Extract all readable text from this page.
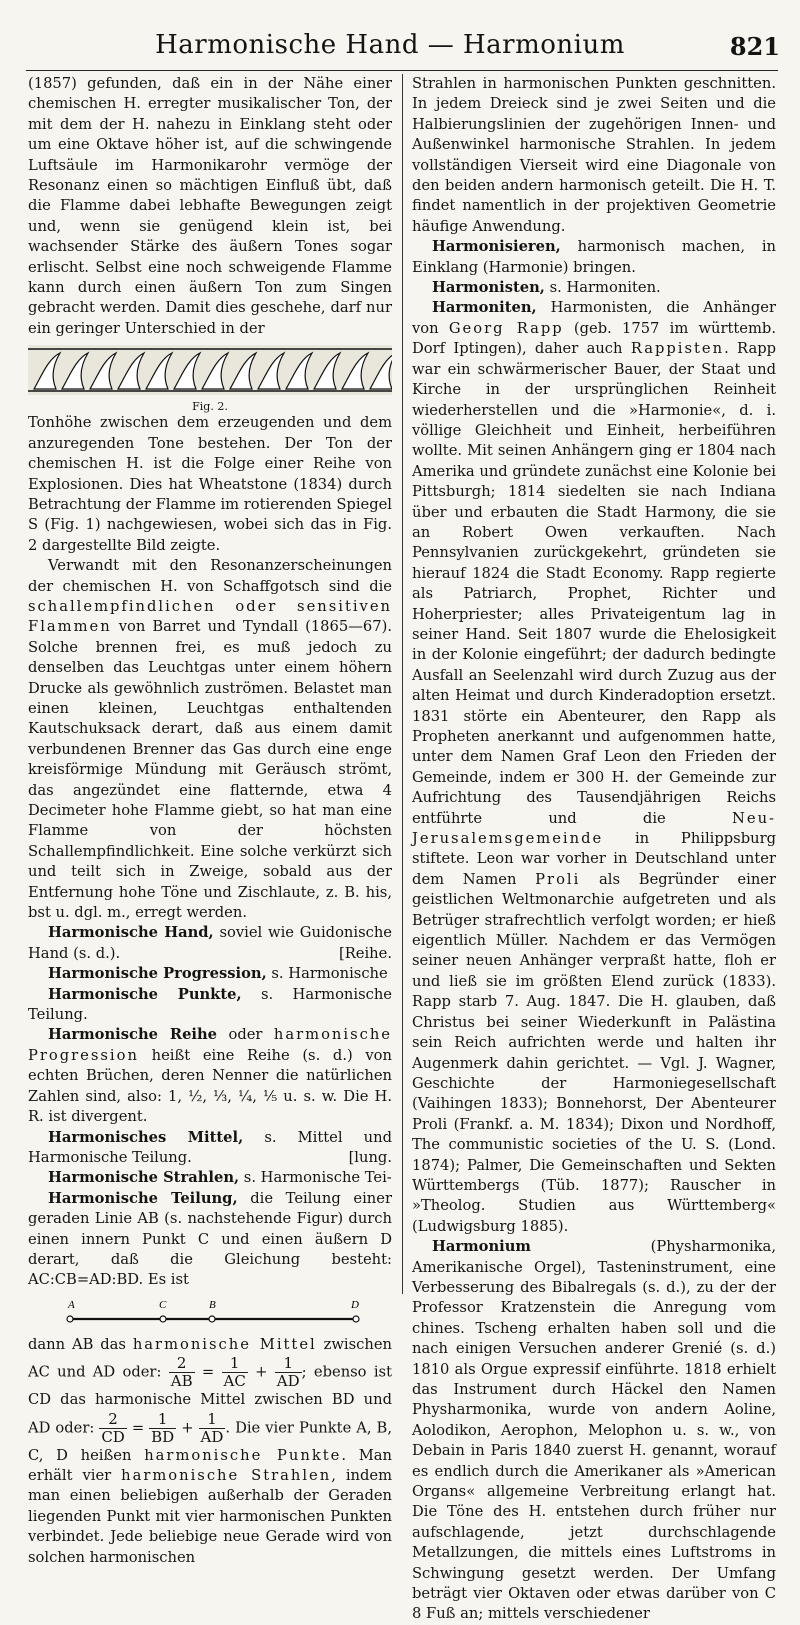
Harmonische Hand — Harmonium	821

(1857) gefunden, daß ein in der Nähe einer chemischen H. erregter musikalischer Ton, der mit dem der H. nahezu in Einklang steht oder um eine Oktave höher ist, auf die schwingende Luftsäule im Harmonikarohr vermöge der Resonanz einen so mächtigen Einfluß übt, daß die Flamme dabei lebhafte Bewegungen zeigt und, wenn sie genügend klein ist, bei wachsender Stärke des äußern Tones sogar erlischt. Selbst eine noch schweigende Flamme kann durch einen äußern Ton zum Singen gebracht werden. Damit dies geschehe, darf nur ein geringer Unterschied in der

Fig. 2.

Tonhöhe zwischen dem erzeugenden und dem anzuregenden Tone bestehen. Der Ton der chemischen H. ist die Folge einer Reihe von Explosionen. Dies hat Wheatstone (1834) durch Betrachtung der Flamme im rotierenden Spiegel S (Fig. 1) nachgewiesen, wobei sich das in Fig. 2 dargestellte Bild zeigte.

Verwandt mit den Resonanzerscheinungen der chemischen H. von Schaffgotsch sind die schallempfindlichen oder sensitiven Flammen von Barret und Tyndall (1865—67). Solche brennen frei, es muß jedoch zu denselben das Leuchtgas unter einem höhern Drucke als gewöhnlich zuströmen. Belastet man einen kleinen, Leuchtgas enthaltenden Kautschuksack derart, daß aus einem damit verbundenen Brenner das Gas durch eine enge kreisförmige Mündung mit Geräusch strömt, das angezündet eine flatternde, etwa 4 Decimeter hohe Flamme giebt, so hat man eine Flamme von der höchsten Schallempfindlichkeit. Eine solche verkürzt sich und teilt sich in Zweige, sobald aus der Entfernung hohe Töne und Zischlaute, z. B. his, bst u. dgl. m., erregt werden.

Harmonische Hand, soviel wie Guidonische Hand (s. d.).	[Reihe.

Harmonische Progression, s. Harmonische

Harmonische Punkte, s. Harmonische Teilung.

Harmonische Reihe oder harmonische Progression heißt eine Reihe (s. d.) von echten Brüchen, deren Nenner die natürlichen Zahlen sind, also: 1, ½, ⅓, ¼, ⅕ u. s. w. Die H. R. ist divergent.

Harmonisches Mittel, s. Mittel und Harmonische Teilung.	[lung.

Harmonische Strahlen, s. Harmonische Tei-

Harmonische Teilung, die Teilung einer geraden Linie AB (s. nachstehende Figur) durch einen innern Punkt C und einen äußern D derart, daß die Gleichung besteht: AC:CB=AD:BD. Es ist

A	C	B	D

dann AB das harmonische Mittel zwischen AC und AD oder: $\frac{2}{AB} = \frac{1}{AC} + \frac{1}{AD}$ ; ebenso ist CD das harmonische Mittel zwischen BD und AD oder: $\frac{2}{CD} = \frac{1}{BD} + \frac{1}{AD}$ . Die vier Punkte A, B, C, D heißen harmonische Punkte. Man erhält vier harmonische Strahlen, indem man einen beliebigen außerhalb der Geraden liegenden Punkt mit vier harmonischen Punkten verbindet. Jede beliebige neue Gerade wird von solchen harmonischen

Strahlen in harmonischen Punkten geschnitten. In jedem Dreieck sind je zwei Seiten und die Halbierungslinien der zugehörigen Innen- und Außenwinkel harmonische Strahlen. In jedem vollständigen Vierseit wird eine Diagonale von den beiden andern harmonisch geteilt. Die H. T. findet namentlich in der projektiven Geometrie häufige Anwendung.

Harmonisieren, harmonisch machen, in Einklang (Harmonie) bringen.

Harmonisten, s. Harmoniten.

Harmoniten, Harmonisten, die Anhänger von Georg Rapp (geb. 1757 im württemb. Dorf Iptingen), daher auch Rappisten. Rapp war ein schwärmerischer Bauer, der Staat und Kirche in der ursprünglichen Reinheit wiederherstellen und die »Harmonie«, d. i. völlige Gleichheit und Einheit, herbeiführen wollte. Mit seinen Anhängern ging er 1804 nach Amerika und gründete zunächst eine Kolonie bei Pittsburgh; 1814 siedelten sie nach Indiana über und erbauten die Stadt Harmony, die sie an Robert Owen verkauften. Nach Pennsylvanien zurückgekehrt, gründeten sie hierauf 1824 die Stadt Economy. Rapp regierte als Patriarch, Prophet, Richter und Hoherpriester; alles Privateigentum lag in seiner Hand. Seit 1807 wurde die Ehelosigkeit in der Kolonie eingeführt; der dadurch bedingte Ausfall an Seelenzahl wird durch Zuzug aus der alten Heimat und durch Kinderadoption ersetzt. 1831 störte ein Abenteurer, den Rapp als Propheten anerkannt und aufgenommen hatte, unter dem Namen Graf Leon den Frieden der Gemeinde, indem er 300 H. der Gemeinde zur Aufrichtung des Tausendjährigen Reichs entführte und die Neu-Jerusalemsgemeinde in Philippsburg stiftete. Leon war vorher in Deutschland unter dem Namen Proli als Begründer einer geistlichen Weltmonarchie aufgetreten und als Betrüger strafrechtlich verfolgt worden; er hieß eigentlich Müller. Nachdem er das Vermögen seiner neuen Anhänger verpraßt hatte, floh er und ließ sie im größten Elend zurück (1833). Rapp starb 7. Aug. 1847. Die H. glauben, daß Christus bei seiner Wiederkunft in Palästina sein Reich aufrichten werde und halten ihr Augenmerk dahin gerichtet. — Vgl. J. Wagner, Geschichte der Harmoniegesellschaft (Vaihingen 1833); Bonnehorst, Der Abenteurer Proli (Frankf. a. M. 1834); Dixon und Nordhoff, The communistic societies of the U. S. (Lond. 1874); Palmer, Die Gemeinschaften und Sekten Württembergs (Tüb. 1877); Rauscher in »Theolog. Studien aus Württemberg« (Ludwigsburg 1885).

Harmonium (Physharmonika, Amerikanische Orgel), Tasteninstrument, eine Verbesserung des Bibalregals (s. d.), zu der der Professor Kratzenstein die Anregung vom chines. Tscheng erhalten haben soll und die nach einigen Versuchen anderer Grenié (s. d.) 1810 als Orgue expressif einführte. 1818 erhielt das Instrument durch Häckel den Namen Physharmonika, wurde von andern Aoline, Aolodikon, Aerophon, Melophon u. s. w., von Debain in Paris 1840 zuerst H. genannt, worauf es endlich durch die Amerikaner als »American Organs« allgemeine Verbreitung erlangt hat. Die Töne des H. entstehen durch früher nur aufschlagende, jetzt durchschlagende Metallzungen, die mittels eines Luftstroms in Schwingung gesetzt werden. Der Umfang beträgt vier Oktaven oder etwas darüber von C 8 Fuß an; mittels verschiedener
